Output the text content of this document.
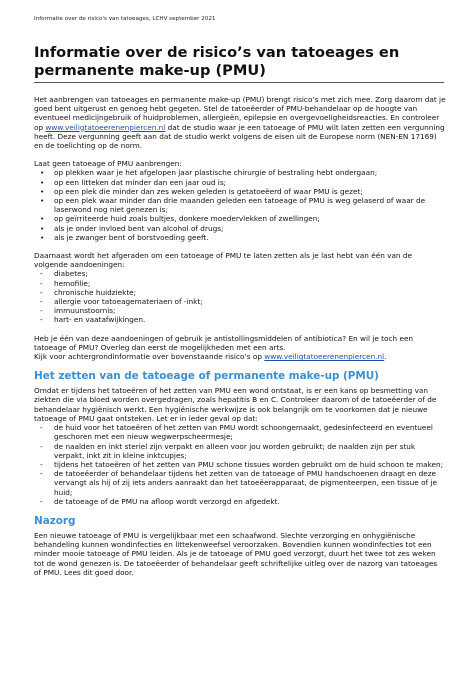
Informatie over de risico's van tatoeages, LCHV september 2021
Informatie over de risico’s van tatoeages en permanente make-up (PMU)

Het aanbrengen van tatoeages en permanente make-up (PMU) brengt risico’s met zich mee. Zorg daarom dat je goed bent uitgerust en genoeg hebt gegeten. Stel de tatoeëerder of PMU-behandelaar op de hoogte van eventueel medicijngebruik of huidproblemen, allergieën, epilepsie en overgevoeligheidsreacties. En controleer op www.veiligtatoeerenenpiercen.nl dat de studio waar je een tatoeage of PMU wilt laten zetten een vergunning heeft. Deze vergunning geeft aan dat de studio werkt volgens de eisen uit de Europese norm (NEN-EN 17169) en de toelichting op de norm.

Laat geen tatoeage of PMU aanbrengen:

• op plekken waar je het afgelopen jaar plastische chirurgie of bestraling hebt ondergaan;
• op een litteken dat minder dan een jaar oud is;
• op een plek die minder dan zes weken geleden is getatoeëerd of waar PMU is gezet;
• op een plek waar minder dan drie maanden geleden een tatoeage of PMU is weg gelaserd of waar de laserwond nog niet genezen is;
• op geïrriteerde huid zoals bultjes, donkere moedervlekken of zwellingen;
• als je onder invloed bent van alcohol of drugs;
• als je zwanger bent of borstvoeding geeft.

Daarnaast wordt het afgeraden om een tatoeage of PMU te laten zetten als je last hebt van één van de volgende aandoeningen:

- diabetes;
- hemofilie;
- chronische huidziekte;
- allergie voor tatoeagemateriaen of -inkt;
- immuunstoornis;
- hart- en vaatafwijkingen.

Heb je één van deze aandoeningen of gebruik je antistollingsmiddelen of antibiotica? En wil je toch een tatoeage of PMU? Overleg dan eerst de mogelijkheden met een arts.
Kijk voor achtergrondinformatie over bovenstaande risico’s op www.veiligtatoeerenenpiercen.nl.

Het zetten van de tatoeage of permanente make-up (PMU)

Omdat er tijdens het tatoeëren of het zetten van PMU een wond ontstaat, is er een kans op besmetting van ziekten die via bloed worden overgedragen, zoals hepatitis B en C. Controleer daarom of de tatoeëerder of de behandelaar hygiënisch werkt. Een hygiënische werkwijze is ook belangrijk om te voorkomen dat je nieuwe tatoeage of PMU gaat ontsteken. Let er in ieder geval op dat:

- de huid voor het tatoeëren of het zetten van PMU wordt schoongemaakt, gedesinfecteerd en eventueel geschoren met een nieuw wegwerpscheermesje;
- de naalden en inkt steriel zijn verpakt en alleen voor jou worden gebruikt; de naalden zijn per stuk verpakt, inkt zit in kleine inktcupjes;
- tijdens het tatoeëren of het zetten van PMU schone tissues worden gebruikt om de huid schoon te maken;
- de tatoeëerder of behandelaar tijdens het zetten van de tatoeage of PMU handschoenen draagt en deze vervangt als hij of zij iets anders aanraakt dan het tatoeëerapparaat, de pigmenteerpen, een tissue of je huid;
- de tatoeage of de PMU na afloop wordt verzorgd en afgedekt.
Nazorg

Een nieuwe tatoeage of PMU is vergelijkbaar met een schaafwond. Slechte verzorging en onhygiënische behandeling kunnen wondinfecties en littekenweefsel veroorzaken. Bovendien kunnen wondinfecties tot een minder mooie tatoeage of PMU leiden. Als je de tatoeage of PMU goed verzorgt, duurt het twee tot zes weken tot de wond genezen is. De tatoeëerder of behandelaar geeft schriftelijke uitleg over de nazorg van tatoeages of PMU. Lees dit goed door.
